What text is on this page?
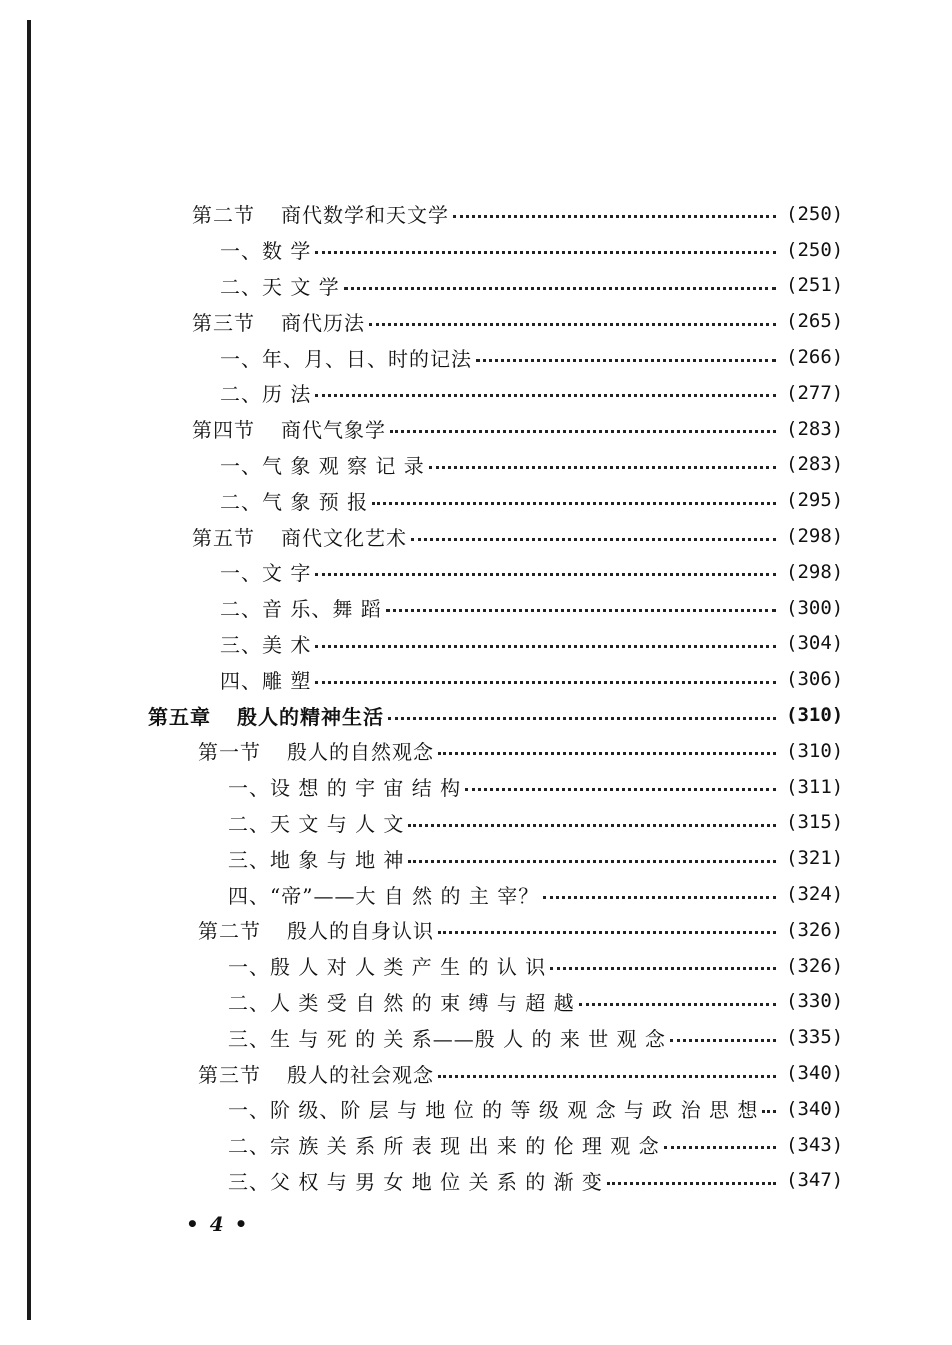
第二节 商代数学和天文学	(250)
一、数 学	(250)
二、天 文 学	(251)
第三节 商代历法	(265)
一、年、月、日、时的记法	(266)
二、历 法	(277)
第四节 商代气象学	(283)
一、气 象 观 察 记 录	(283)
二、气 象 预 报	(295)
第五节 商代文化艺术	(298)
一、文 字	(298)
二、音 乐、舞 蹈	(300)
三、美 术	(304)
四、雕 塑	(306)
第五章 殷人的精神生活	(310)
第一节 殷人的自然观念	(310)
一、设 想 的 宇 宙 结 构	(311)
二、天 文 与 人 文	(315)
三、地 象 与 地 神	(321)
四、“帝”——大 自 然 的 主 宰？	(324)
第二节 殷人的自身认识	(326)
一、殷 人 对 人 类 产 生 的 认 识	(326)
二、人 类 受 自 然 的 束 缚 与 超 越	(330)
三、生 与 死 的 关 系——殷 人 的 来 世 观 念	(335)
第三节 殷人的社会观念	(340)
一、阶 级、阶 层 与 地 位 的 等 级 观 念 与 政 治 思 想 (340)
二、宗 族 关 系 所 表 现 出 来 的 伦 理 观 念	(343)
三、父 权 与 男 女 地 位 关 系 的 渐 变	(347)
• 4 •
